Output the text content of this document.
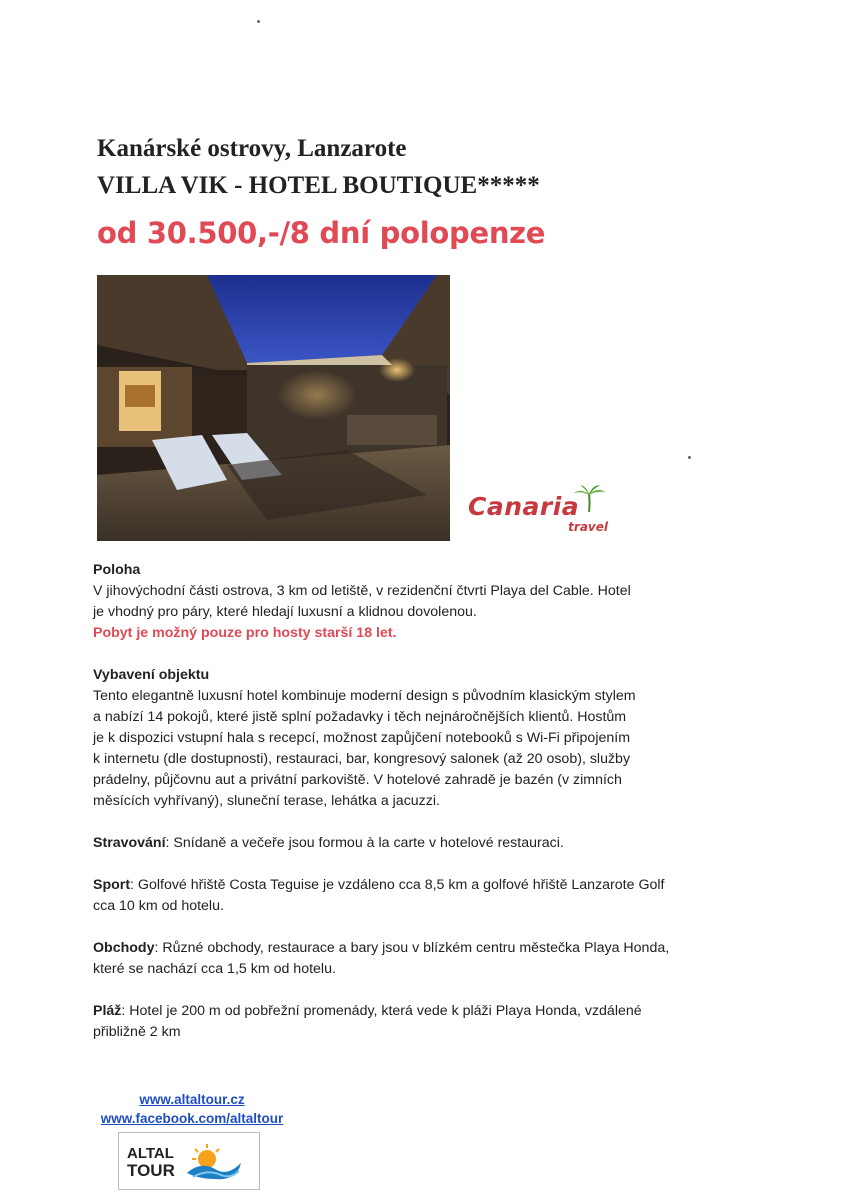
Kanárské ostrovy, Lanzarote
VILLA VIK - HOTEL BOUTIQUE*****
od 30.500,-/8 dní polopenze
Canaria
travel

Poloha

V jihovýchodní části ostrova, 3 km od letiště, v rezidenční čtvrti Playa del Cable. Hotel

je vhodný pro páry, které hledají luxusní a klidnou dovolenou.

Pobyt je možný pouze pro hosty starší 18 let.

Vybavení objektu

Tento elegantně luxusní hotel kombinuje moderní design s původním klasickým stylem

a nabízí 14 pokojů, které jistě splní požadavky i těch nejnáročnějších klientů. Hostům

je k dispozici vstupní hala s recepcí, možnost zapůjčení notebooků s Wi-Fi připojením

k internetu (dle dostupnosti), restauraci, bar, kongresový salonek (až 20 osob), služby

prádelny, půjčovnu aut a privátní parkoviště. V hotelové zahradě je bazén (v zimních

měsících vyhřívaný), sluneční terase, lehátka a jacuzzi.

Stravování: Snídaně a večeře jsou formou à la carte v hotelové restauraci.

Sport: Golfové hřiště Costa Teguise je vzdáleno cca 8,5 km a golfové hřiště Lanzarote Golf

cca 10 km od hotelu.

Obchody: Různé obchody, restaurace a bary jsou v blízkém centru městečka Playa Honda,

které se nachází cca 1,5 km od hotelu.

Pláž: Hotel je 200 m od pobřežní promenády, která vede k pláži Playa Honda, vzdálené

přibližně 2 km

www.altaltour.cz
www.facebook.com/altaltour
ALTAL
TOUR
